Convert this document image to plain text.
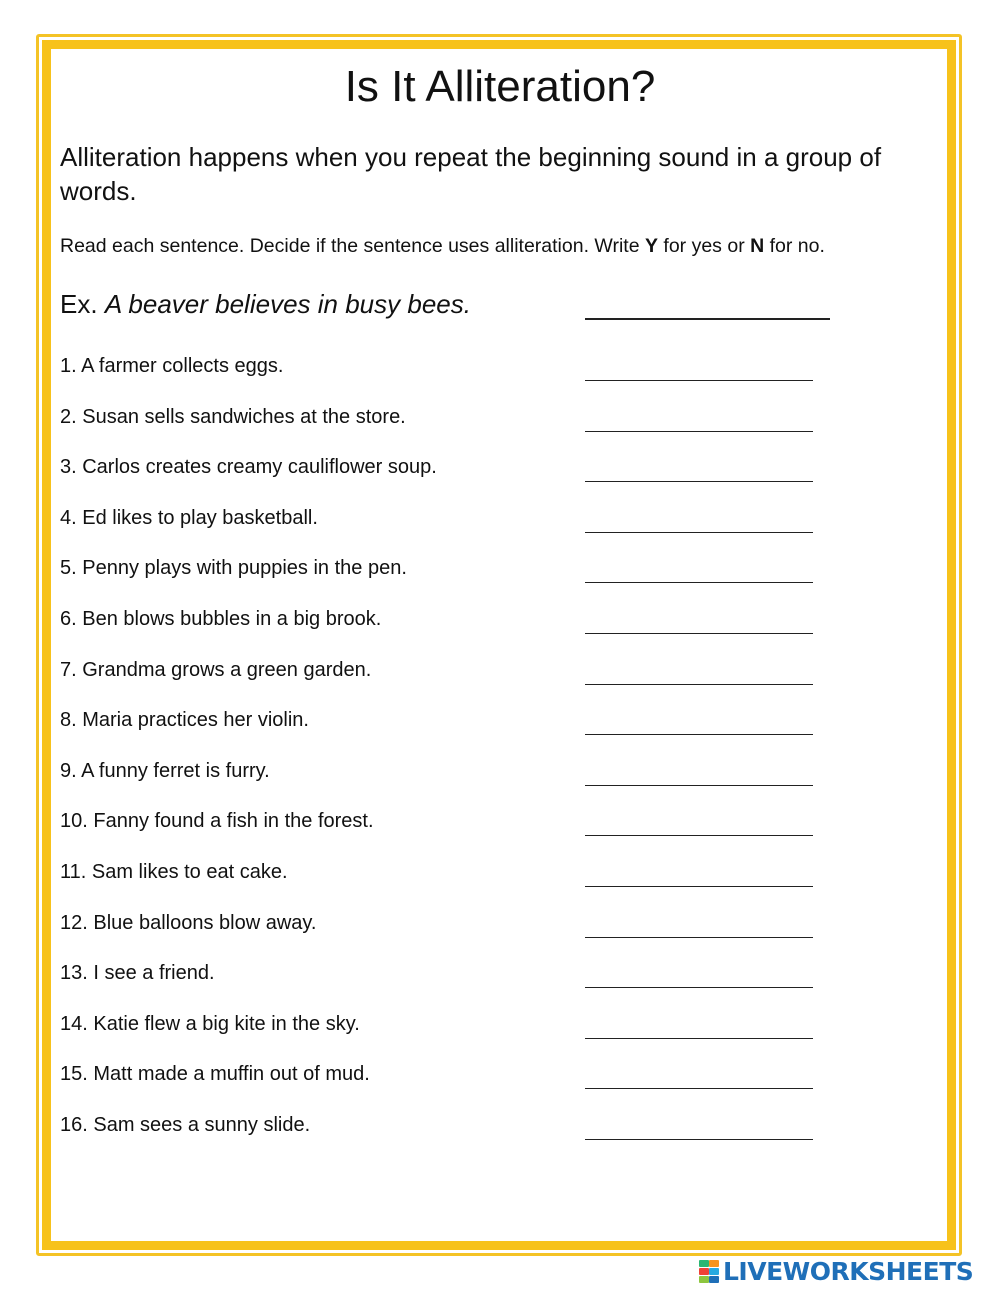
Is It Alliteration?

Alliteration happens when you repeat the beginning sound in a group of words.

Read each sentence. Decide if the sentence uses alliteration. Write Y for yes or N for no.

Ex. A beaver believes in busy bees.

1. A farmer collects eggs.
2. Susan sells sandwiches at the store.
3. Carlos creates creamy cauliflower soup.
4. Ed likes to play basketball.
5. Penny plays with puppies in the pen.
6. Ben blows bubbles in a big brook.
7. Grandma grows a green garden.
8. Maria practices her violin.
9. A funny ferret is furry.
10. Fanny found a fish in the forest.
11. Sam likes to eat cake.
12. Blue balloons blow away.
13. I see a friend.
14. Katie flew a big kite in the sky.
15. Matt made a muffin out of mud.
16. Sam sees a sunny slide.
LIVEWORKSHEETS
